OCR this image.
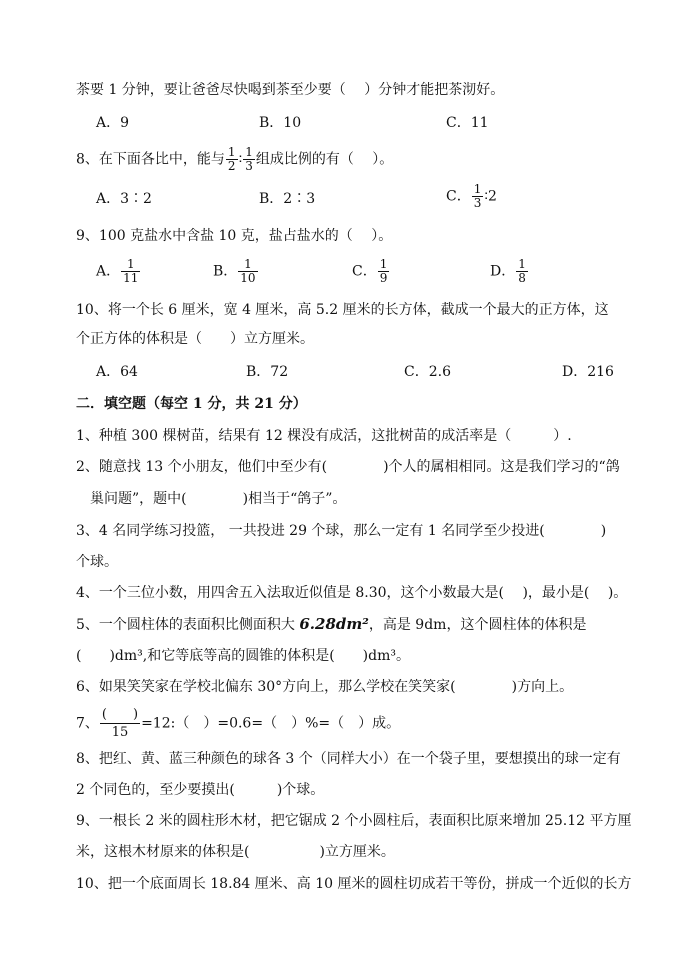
茶要 1 分钟，要让爸爸尽快喝到茶至少要（　 ）分钟才能把茶沏好。
A．9	B．10	C．11
8、在下面各比中，能与 $\frac{1}{2}$ ∶ $\frac{1}{3}$ 组成比例的有（　 ）。
A．3∶2	B．2∶3	C． $\frac{1}{3}$ ∶2
9、100 克盐水中含盐 10 克，盐占盐水的（　 ）。
A． $\frac{1}{11}$	B． $\frac{1}{10}$	C． $\frac{1}{9}$	D． $\frac{1}{8}$
10、将一个长 6 厘米，宽 4 厘米，高 5.2 厘米的长方体，截成一个最大的正方体，这
个正方体的体积是（　　）立方厘米。
A．64	B．72	C．2.6	D．216
二．填空题（每空 1 分，共 21 分）
1、种植 300 棵树苗，结果有 12 棵没有成活，这批树苗的成活率是（　　　）.
2、随意找 13 个小朋友，他们中至少有(　　　　)个人的属相相同。这是我们学习的“鸽
巢问题”，题中(　　　　)相当于“鸽子”。
3、4 名同学练习投篮， 一共投进 29 个球，那么一定有 1 名同学至少投进(　　　　)
个球。
4、一个三位小数，用四舍五入法取近似值是 8.30，这个小数最大是(　 )，最小是(　 )。
5、一个圆柱体的表面积比侧面积大 6.28dm²，高是 9dm，这个圆柱体的体积是
(　　)dm³,和它等底等高的圆锥的体积是(　　)dm³。
6、如果笑笑家在学校北偏东 30°方向上，那么学校在笑笑家(　　　　)方向上。
7、 $\frac{( )}{15}$ =12:（　）=0.6=（　）%=（　）成。
8、把红、黄、蓝三种颜色的球各 3 个（同样大小）在一个袋子里，要想摸出的球一定有
2 个同色的，至少要摸出(　　　)个球。
9、一根长 2 米的圆柱形木材，把它锯成 2 个小圆柱后，表面积比原来增加 25.12 平方厘
米，这根木材原来的体积是(　　　　　)立方厘米。
10、把一个底面周长 18.84 厘米、高 10 厘米的圆柱切成若干等份，拼成一个近似的长方
